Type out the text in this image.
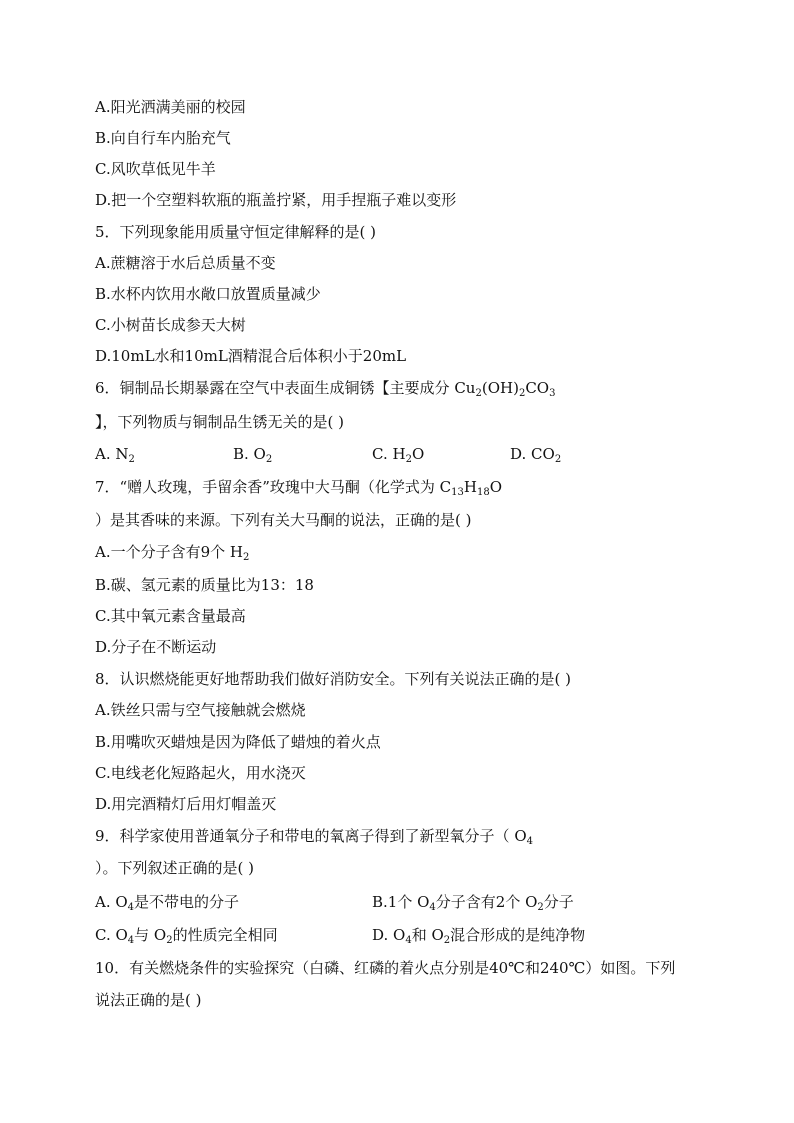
A.阳光洒满美丽的校园
B.向自行车内胎充气
C.风吹草低见牛羊
D.把一个空塑料软瓶的瓶盖拧紧，用手捏瓶子难以变形
5．下列现象能用质量守恒定律解释的是( )
A.蔗糖溶于水后总质量不变
B.水杯内饮用水敞口放置质量减少
C.小树苗长成参天大树
D.10mL水和10mL酒精混合后体积小于20mL
6．铜制品长期暴露在空气中表面生成铜锈【主要成分 $Cu_2(OH)_2CO_3$
】，下列物质与铜制品生锈无关的是( )
A. $N_2$	B. $O_2$	C. $H_2O$	D. $CO_2$
7．“赠人玫瑰，手留余香”玫瑰中大马酮（化学式为 $C_{13}H_{18}O$
）是其香味的来源。下列有关大马酮的说法，正确的是( )
A.一个分子含有9个 $H_2$
B.碳、氢元素的质量比为13：18
C.其中氧元素含量最高
D.分子在不断运动
8．认识燃烧能更好地帮助我们做好消防安全。下列有关说法正确的是( )
A.铁丝只需与空气接触就会燃烧
B.用嘴吹灭蜡烛是因为降低了蜡烛的着火点
C.电线老化短路起火，用水浇灭
D.用完酒精灯后用灯帽盖灭
9．科学家使用普通氧分子和带电的氧离子得到了新型氧分子（ $O_4$
）。下列叙述正确的是( )
A. $O_4$是不带电的分子	B.1个 $O_4$分子含有2个 $O_2$分子
C. $O_4$与 $O_2$的性质完全相同	D. $O_4$和 $O_2$混合形成的是纯净物
10．有关燃烧条件的实验探究（白磷、红磷的着火点分别是40℃和240℃）如图。下列
说法正确的是( )
